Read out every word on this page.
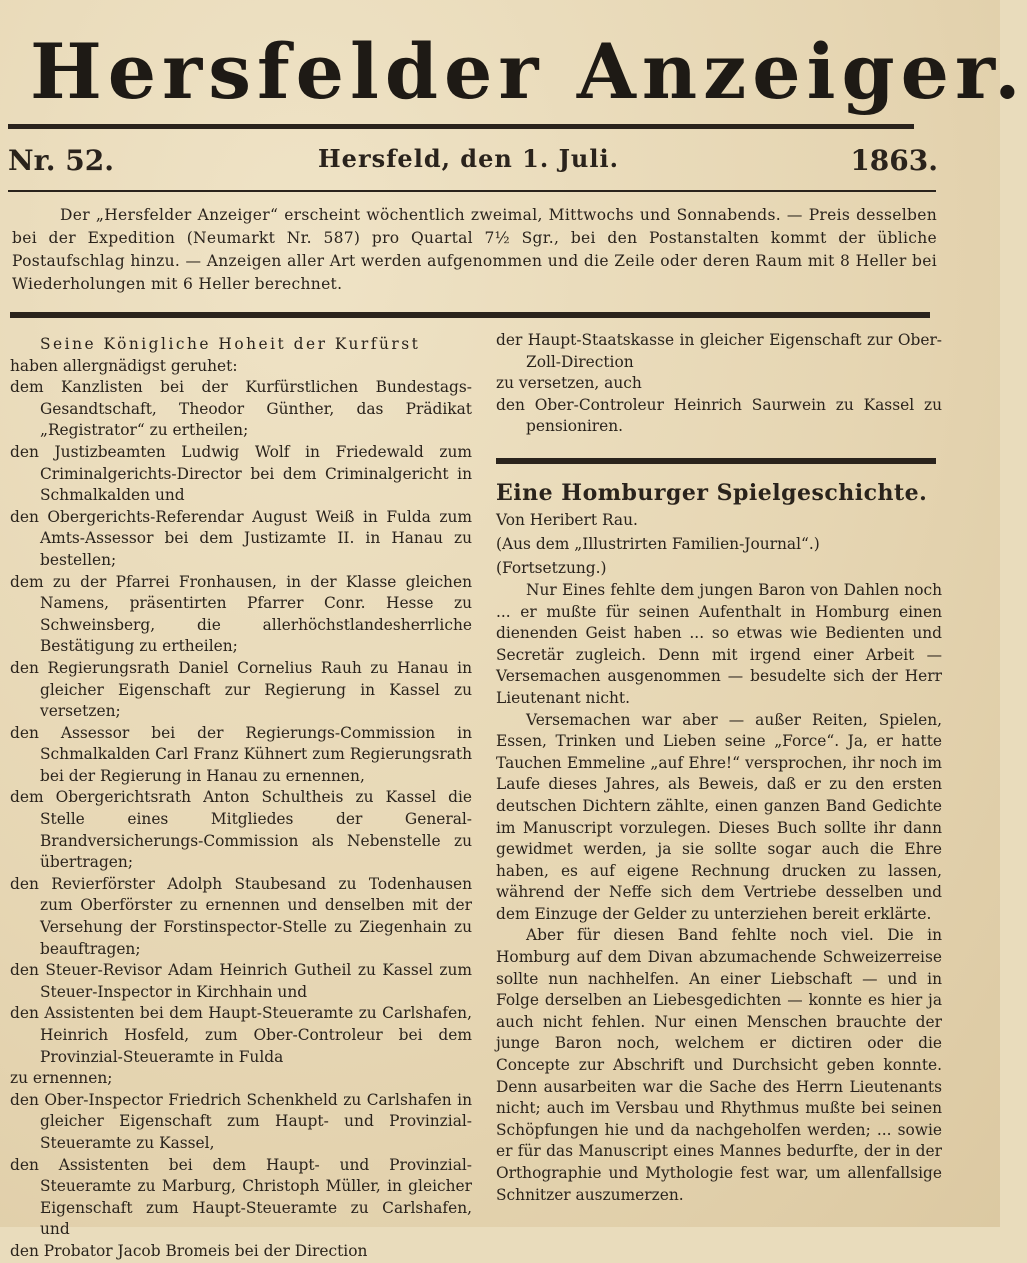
Hersfelder Anzeiger.
Nr. 52.	Hersfeld, den 1. Juli.	1863.

Der „Hersfelder Anzeiger“ erscheint wöchentlich zweimal, Mittwochs und Sonnabends. — Preis desselben bei der Expedition (Neumarkt Nr. 587) pro Quartal 7½ Sgr., bei den Postanstalten kommt der übliche Postaufschlag hinzu. — Anzeigen aller Art werden aufgenommen und die Zeile oder deren Raum mit 8 Heller bei Wiederholungen mit 6 Heller berechnet.

Seine Königliche Hoheit der Kurfürst

haben allergnädigst geruhet:

dem Kanzlisten bei der Kurfürstlichen Bundestags-Gesandtschaft, Theodor Günther, das Prädikat „Registrator“ zu ertheilen;

den Justizbeamten Ludwig Wolf in Friedewald zum Criminalgerichts-Director bei dem Criminalgericht in Schmalkalden und

den Obergerichts-Referendar August Weiß in Fulda zum Amts-Assessor bei dem Justizamte II. in Hanau zu bestellen;

dem zu der Pfarrei Fronhausen, in der Klasse gleichen Namens, präsentirten Pfarrer Conr. Hesse zu Schweinsberg, die allerhöchstlandesherrliche Bestätigung zu ertheilen;

den Regierungsrath Daniel Cornelius Rauh zu Hanau in gleicher Eigenschaft zur Regierung in Kassel zu versetzen;

den Assessor bei der Regierungs-Commission in Schmalkalden Carl Franz Kühnert zum Regierungsrath bei der Regierung in Hanau zu ernennen,

dem Obergerichtsrath Anton Schultheis zu Kassel die Stelle eines Mitgliedes der General-Brandversicherungs-Commission als Nebenstelle zu übertragen;

den Revierförster Adolph Staubesand zu Todenhausen zum Oberförster zu ernennen und denselben mit der Versehung der Forstinspector-Stelle zu Ziegenhain zu beauftragen;

den Steuer-Revisor Adam Heinrich Gutheil zu Kassel zum Steuer-Inspector in Kirchhain und

den Assistenten bei dem Haupt-Steueramte zu Carlshafen, Heinrich Hosfeld, zum Ober-Controleur bei dem Provinzial-Steueramte in Fulda

zu ernennen;

den Ober-Inspector Friedrich Schenkheld zu Carlshafen in gleicher Eigenschaft zum Haupt- und Provinzial-Steueramte zu Kassel,

den Assistenten bei dem Haupt- und Provinzial-Steueramte zu Marburg, Christoph Müller, in gleicher Eigenschaft zum Haupt-Steueramte zu Carlshafen, und

den Probator Jacob Bromeis bei der Direction

der Haupt-Staatskasse in gleicher Eigenschaft zur Ober-Zoll-Direction

zu versetzen, auch

den Ober-Controleur Heinrich Saurwein zu Kassel zu pensioniren.

Eine Homburger Spielgeschichte.

Von Heribert Rau.

(Aus dem „Illustrirten Familien-Journal“.)

(Fortsetzung.)

Nur Eines fehlte dem jungen Baron von Dahlen noch ... er mußte für seinen Aufenthalt in Homburg einen dienenden Geist haben ... so etwas wie Bedienten und Secretär zugleich. Denn mit irgend einer Arbeit — Versemachen ausgenommen — besudelte sich der Herr Lieutenant nicht.

Versemachen war aber — außer Reiten, Spielen, Essen, Trinken und Lieben seine „Force“. Ja, er hatte Tauchen Emmeline „auf Ehre!“ versprochen, ihr noch im Laufe dieses Jahres, als Beweis, daß er zu den ersten deutschen Dichtern zählte, einen ganzen Band Gedichte im Manuscript vorzulegen. Dieses Buch sollte ihr dann gewidmet werden, ja sie sollte sogar auch die Ehre haben, es auf eigene Rechnung drucken zu lassen, während der Neffe sich dem Vertriebe desselben und dem Einzuge der Gelder zu unterziehen bereit erklärte.

Aber für diesen Band fehlte noch viel. Die in Homburg auf dem Divan abzumachende Schweizerreise sollte nun nachhelfen. An einer Liebschaft — und in Folge derselben an Liebesgedichten — konnte es hier ja auch nicht fehlen. Nur einen Menschen brauchte der junge Baron noch, welchem er dictiren oder die Concepte zur Abschrift und Durchsicht geben konnte. Denn ausarbeiten war die Sache des Herrn Lieutenants nicht; auch im Versbau und Rhythmus mußte bei seinen Schöpfungen hie und da nachgeholfen werden; ... sowie er für das Manuscript eines Mannes bedurfte, der in der Orthographie und Mythologie fest war, um allenfallsige Schnitzer auszumerzen.
